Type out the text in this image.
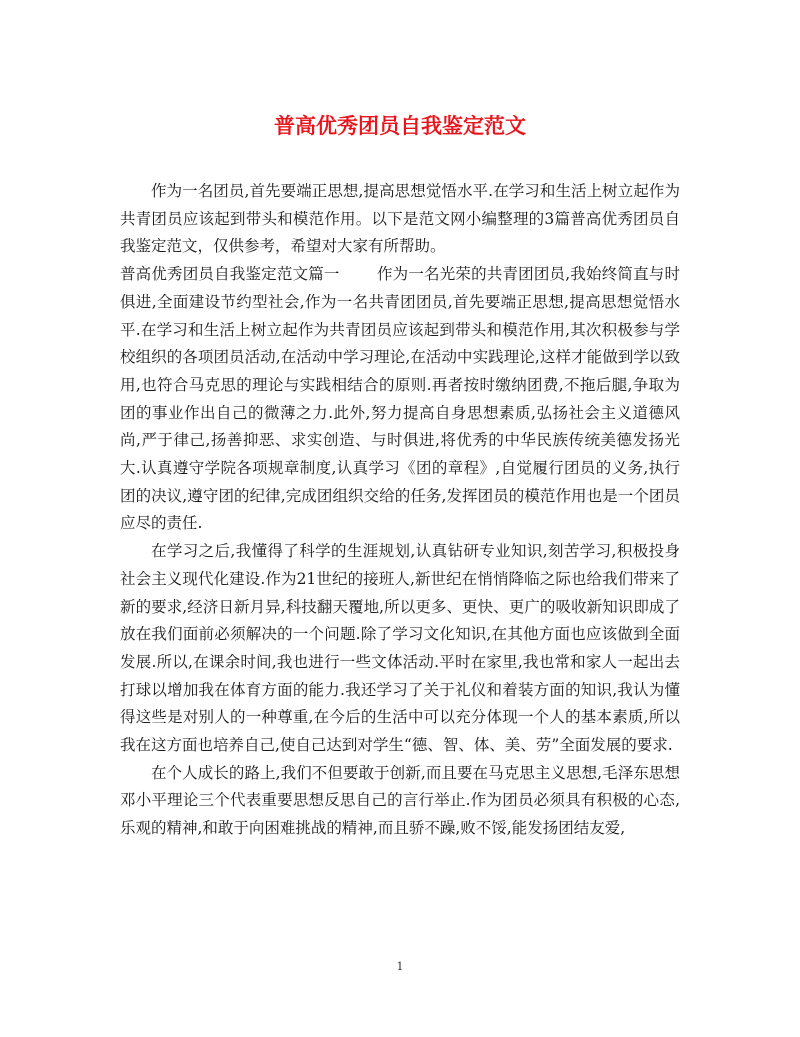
普高优秀团员自我鉴定范文

作为一名团员,首先要端正思想,提高思想觉悟水平.在学习和生活上树立起作为共青团员应该起到带头和模范作用。以下是范文网小编整理的3篇普高优秀团员自我鉴定范文，仅供参考，希望对大家有所帮助。

普高优秀团员自我鉴定范文篇一 作为一名光荣的共青团团员,我始终简直与时俱进,全面建设节约型社会,作为一名共青团团员,首先要端正思想,提高思想觉悟水平.在学习和生活上树立起作为共青团员应该起到带头和模范作用,其次积极参与学校组织的各项团员活动,在活动中学习理论,在活动中实践理论,这样才能做到学以致用,也符合马克思的理论与实践相结合的原则.再者按时缴纳团费,不拖后腿,争取为团的事业作出自己的微薄之力.此外,努力提高自身思想素质,弘扬社会主义道德风尚,严于律己,扬善抑恶、求实创造、与时俱进,将优秀的中华民族传统美德发扬光大.认真遵守学院各项规章制度,认真学习《团的章程》,自觉履行团员的义务,执行团的决议,遵守团的纪律,完成团组织交给的任务,发挥团员的模范作用也是一个团员应尽的责任.

在学习之后,我懂得了科学的生涯规划,认真钻研专业知识,刻苦学习,积极投身社会主义现代化建设.作为21世纪的接班人,新世纪在悄悄降临之际也给我们带来了新的要求,经济日新月异,科技翻天覆地,所以更多、更快、更广的吸收新知识即成了放在我们面前必须解决的一个问题.除了学习文化知识,在其他方面也应该做到全面发展.所以,在课余时间,我也进行一些文体活动.平时在家里,我也常和家人一起出去打球以增加我在体育方面的能力.我还学习了关于礼仪和着装方面的知识,我认为懂得这些是对别人的一种尊重,在今后的生活中可以充分体现一个人的基本素质,所以我在这方面也培养自己,使自己达到对学生“德、智、体、美、劳”全面发展的要求.

在个人成长的路上,我们不但要敢于创新,而且要在马克思主义思想,毛泽东思想邓小平理论三个代表重要思想反思自己的言行举止.作为团员必须具有积极的心态,乐观的精神,和敢于向困难挑战的精神,而且骄不躁,败不馁,能发扬团结友爱,

1
